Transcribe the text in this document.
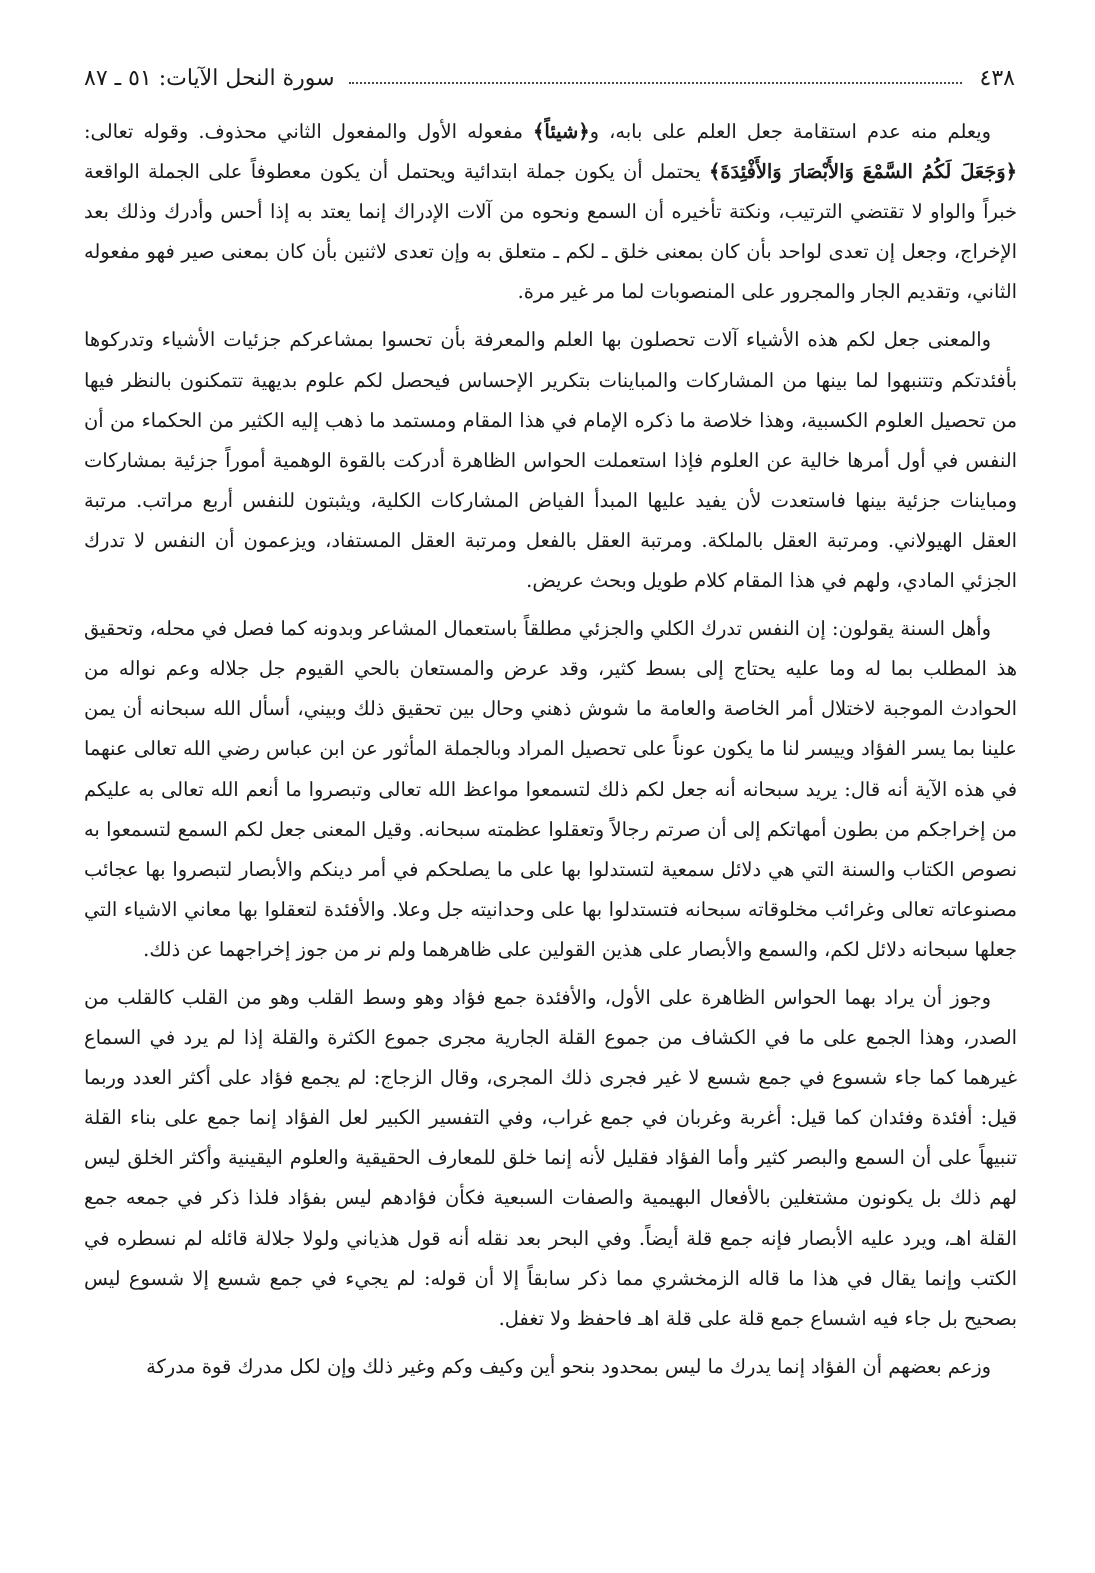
٤٣٨
سورة النحل الآيات: ٥١ ـ ٨٧

ويعلم منه عدم استقامة جعل العلم على بابه، و﴿شيئاً﴾ مفعوله الأول والمفعول الثاني محذوف. وقوله تعالى: ﴿وَجَعَلَ لَكُمُ السَّمْعَ وَالأَبْصَارَ وَالأَفْئِدَةَ﴾ يحتمل أن يكون جملة ابتدائية ويحتمل أن يكون معطوفاً على الجملة الواقعة خبراً والواو لا تقتضي الترتيب، ونكتة تأخيره أن السمع ونحوه من آلات الإدراك إنما يعتد به إذا أحس وأدرك وذلك بعد الإخراج، وجعل إن تعدى لواحد بأن كان بمعنى خلق ـ لكم ـ متعلق به وإن تعدى لاثنين بأن كان بمعنى صير فهو مفعوله الثاني، وتقديم الجار والمجرور على المنصوبات لما مر غير مرة.

والمعنى جعل لكم هذه الأشياء آلات تحصلون بها العلم والمعرفة بأن تحسوا بمشاعركم جزئيات الأشياء وتدركوها بأفئدتكم وتتنبهوا لما بينها من المشاركات والمباينات بتكرير الإحساس فيحصل لكم علوم بديهية تتمكنون بالنظر فيها من تحصيل العلوم الكسبية، وهذا خلاصة ما ذكره الإمام في هذا المقام ومستمد ما ذهب إليه الكثير من الحكماء من أن النفس في أول أمرها خالية عن العلوم فإذا استعملت الحواس الظاهرة أدركت بالقوة الوهمية أموراً جزئية بمشاركات ومباينات جزئية بينها فاستعدت لأن يفيد عليها المبدأ الفياض المشاركات الكلية، ويثبتون للنفس أربع مراتب. مرتبة العقل الهيولاني. ومرتبة العقل بالملكة. ومرتبة العقل بالفعل ومرتبة العقل المستفاد، ويزعمون أن النفس لا تدرك الجزئي المادي، ولهم في هذا المقام كلام طويل وبحث عريض.

وأهل السنة يقولون: إن النفس تدرك الكلي والجزئي مطلقاً باستعمال المشاعر وبدونه كما فصل في محله، وتحقيق هذ المطلب بما له وما عليه يحتاج إلى بسط كثير، وقد عرض والمستعان بالحي القيوم جل جلاله وعم نواله من الحوادث الموجبة لاختلال أمر الخاصة والعامة ما شوش ذهني وحال بين تحقيق ذلك وبيني، أسأل الله سبحانه أن يمن علينا بما يسر الفؤاد وييسر لنا ما يكون عوناً على تحصيل المراد وبالجملة المأثور عن ابن عباس رضي الله تعالى عنهما في هذه الآية أنه قال: يريد سبحانه أنه جعل لكم ذلك لتسمعوا مواعظ الله تعالى وتبصروا ما أنعم الله تعالى به عليكم من إخراجكم من بطون أمهاتكم إلى أن صرتم رجالاً وتعقلوا عظمته سبحانه. وقيل المعنى جعل لكم السمع لتسمعوا به نصوص الكتاب والسنة التي هي دلائل سمعية لتستدلوا بها على ما يصلحكم في أمر دينكم والأبصار لتبصروا بها عجائب مصنوعاته تعالى وغرائب مخلوقاته سبحانه فتستدلوا بها على وحدانيته جل وعلا. والأفئدة لتعقلوا بها معاني الاشياء التي جعلها سبحانه دلائل لكم، والسمع والأبصار على هذين القولين على ظاهرهما ولم نر من جوز إخراجهما عن ذلك.

وجوز أن يراد بهما الحواس الظاهرة على الأول، والأفئدة جمع فؤاد وهو وسط القلب وهو من القلب كالقلب من الصدر، وهذا الجمع على ما في الكشاف من جموع القلة الجارية مجرى جموع الكثرة والقلة إذا لم يرد في السماع غيرهما كما جاء شسوع في جمع شسع لا غير فجرى ذلك المجرى، وقال الزجاج: لم يجمع فؤاد على أكثر العدد وربما قيل: أفئدة وفئدان كما قيل: أغربة وغربان في جمع غراب، وفي التفسير الكبير لعل الفؤاد إنما جمع على بناء القلة تنبيهاً على أن السمع والبصر كثير وأما الفؤاد فقليل لأنه إنما خلق للمعارف الحقيقية والعلوم اليقينية وأكثر الخلق ليس لهم ذلك بل يكونون مشتغلين بالأفعال البهيمية والصفات السبعية فكأن فؤادهم ليس بفؤاد فلذا ذكر في جمعه جمع القلة اهـ، ويرد عليه الأبصار فإنه جمع قلة أيضاً. وفي البحر بعد نقله أنه قول هذياني ولولا جلالة قائله لم نسطره في الكتب وإنما يقال في هذا ما قاله الزمخشري مما ذكر سابقاً إلا أن قوله: لم يجيء في جمع شسع إلا شسوع ليس بصحيح بل جاء فيه اشساع جمع قلة على قلة اهـ فاحفظ ولا تغفل.

وزعم بعضهم أن الفؤاد إنما يدرك ما ليس بمحدود بنحو أين وكيف وكم وغير ذلك وإن لكل مدرك قوة مدركة
